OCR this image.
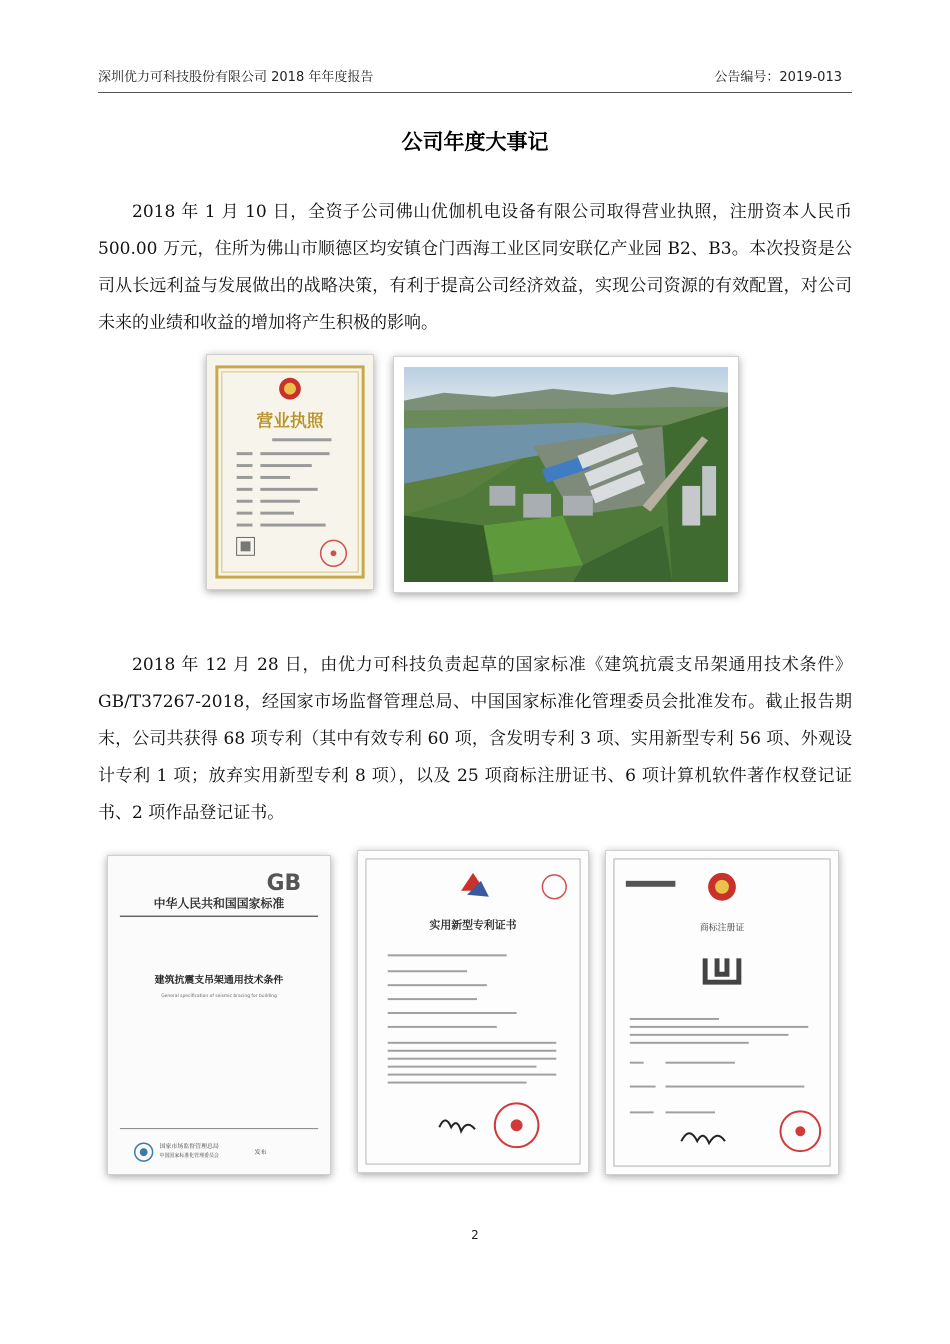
深圳优力可科技股份有限公司 2018 年年度报告	公告编号：2019-013
公司年度大事记

2018 年 1 月 10 日，全资子公司佛山优伽机电设备有限公司取得营业执照，注册资本人民币 500.00 万元，住所为佛山市顺德区均安镇仓门西海工业区同安联亿产业园 B2、B3。本次投资是公司从长远利益与发展做出的战略决策，有利于提高公司经济效益，实现公司资源的有效配置，对公司未来的业绩和收益的增加将产生积极的影响。

营业执照

2018 年 12 月 28 日，由优力可科技负责起草的国家标准《建筑抗震支吊架通用技术条件》GB/T37267-2018，经国家市场监督管理总局、中国国家标准化管理委员会批准发布。截止报告期末，公司共获得 68 项专利（其中有效专利 60 项，含发明专利 3 项、实用新型专利 56 项、外观设计专利 1 项；放弃实用新型专利 8 项），以及 25 项商标注册证书、6 项计算机软件著作权登记证书、2 项作品登记证书。

GB
中华人民共和国国家标准
建筑抗震支吊架通用技术条件
General specification of seismic bracing for building
国家市场监督管理总局
中国国家标准化管理委员会	发布
实用新型专利证书	商标注册证
2
